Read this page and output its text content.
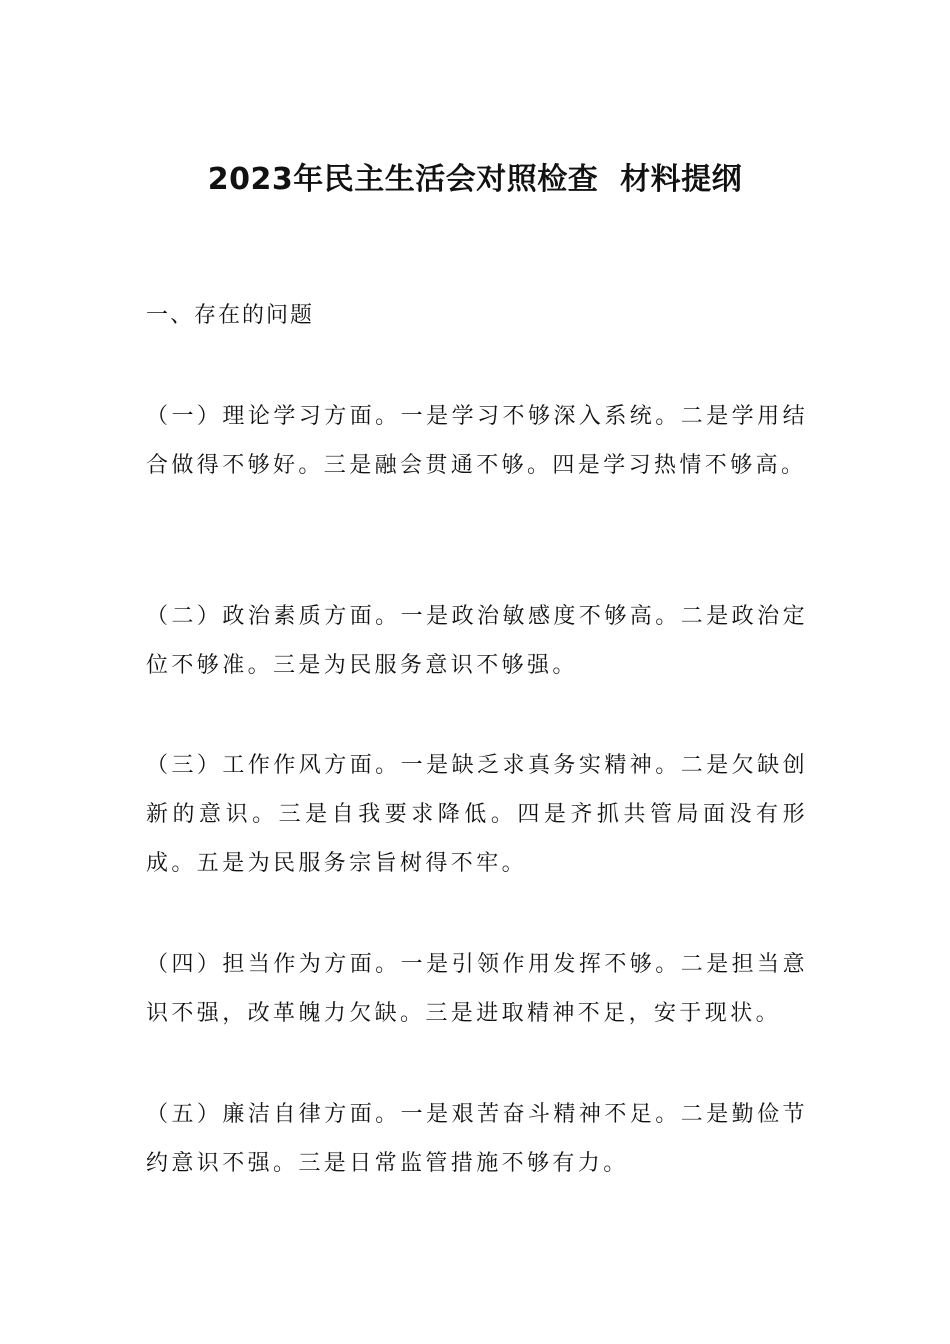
2023年民主生活会对照检查  材料提纲
一、存在的问题
（一）理论学习方面。一是学习不够深入系统。二是学用结合做得不够好。三是融会贯通不够。四是学习热情不够高。
（二）政治素质方面。一是政治敏感度不够高。二是政治定位不够准。三是为民服务意识不够强。
（三）工作作风方面。一是缺乏求真务实精神。二是欠缺创新的意识。三是自我要求降低。四是齐抓共管局面没有形成。五是为民服务宗旨树得不牢。
（四）担当作为方面。一是引领作用发挥不够。二是担当意识不强，改革魄力欠缺。三是进取精神不足，安于现状。
（五）廉洁自律方面。一是艰苦奋斗精神不足。二是勤俭节约意识不强。三是日常监管措施不够有力。
